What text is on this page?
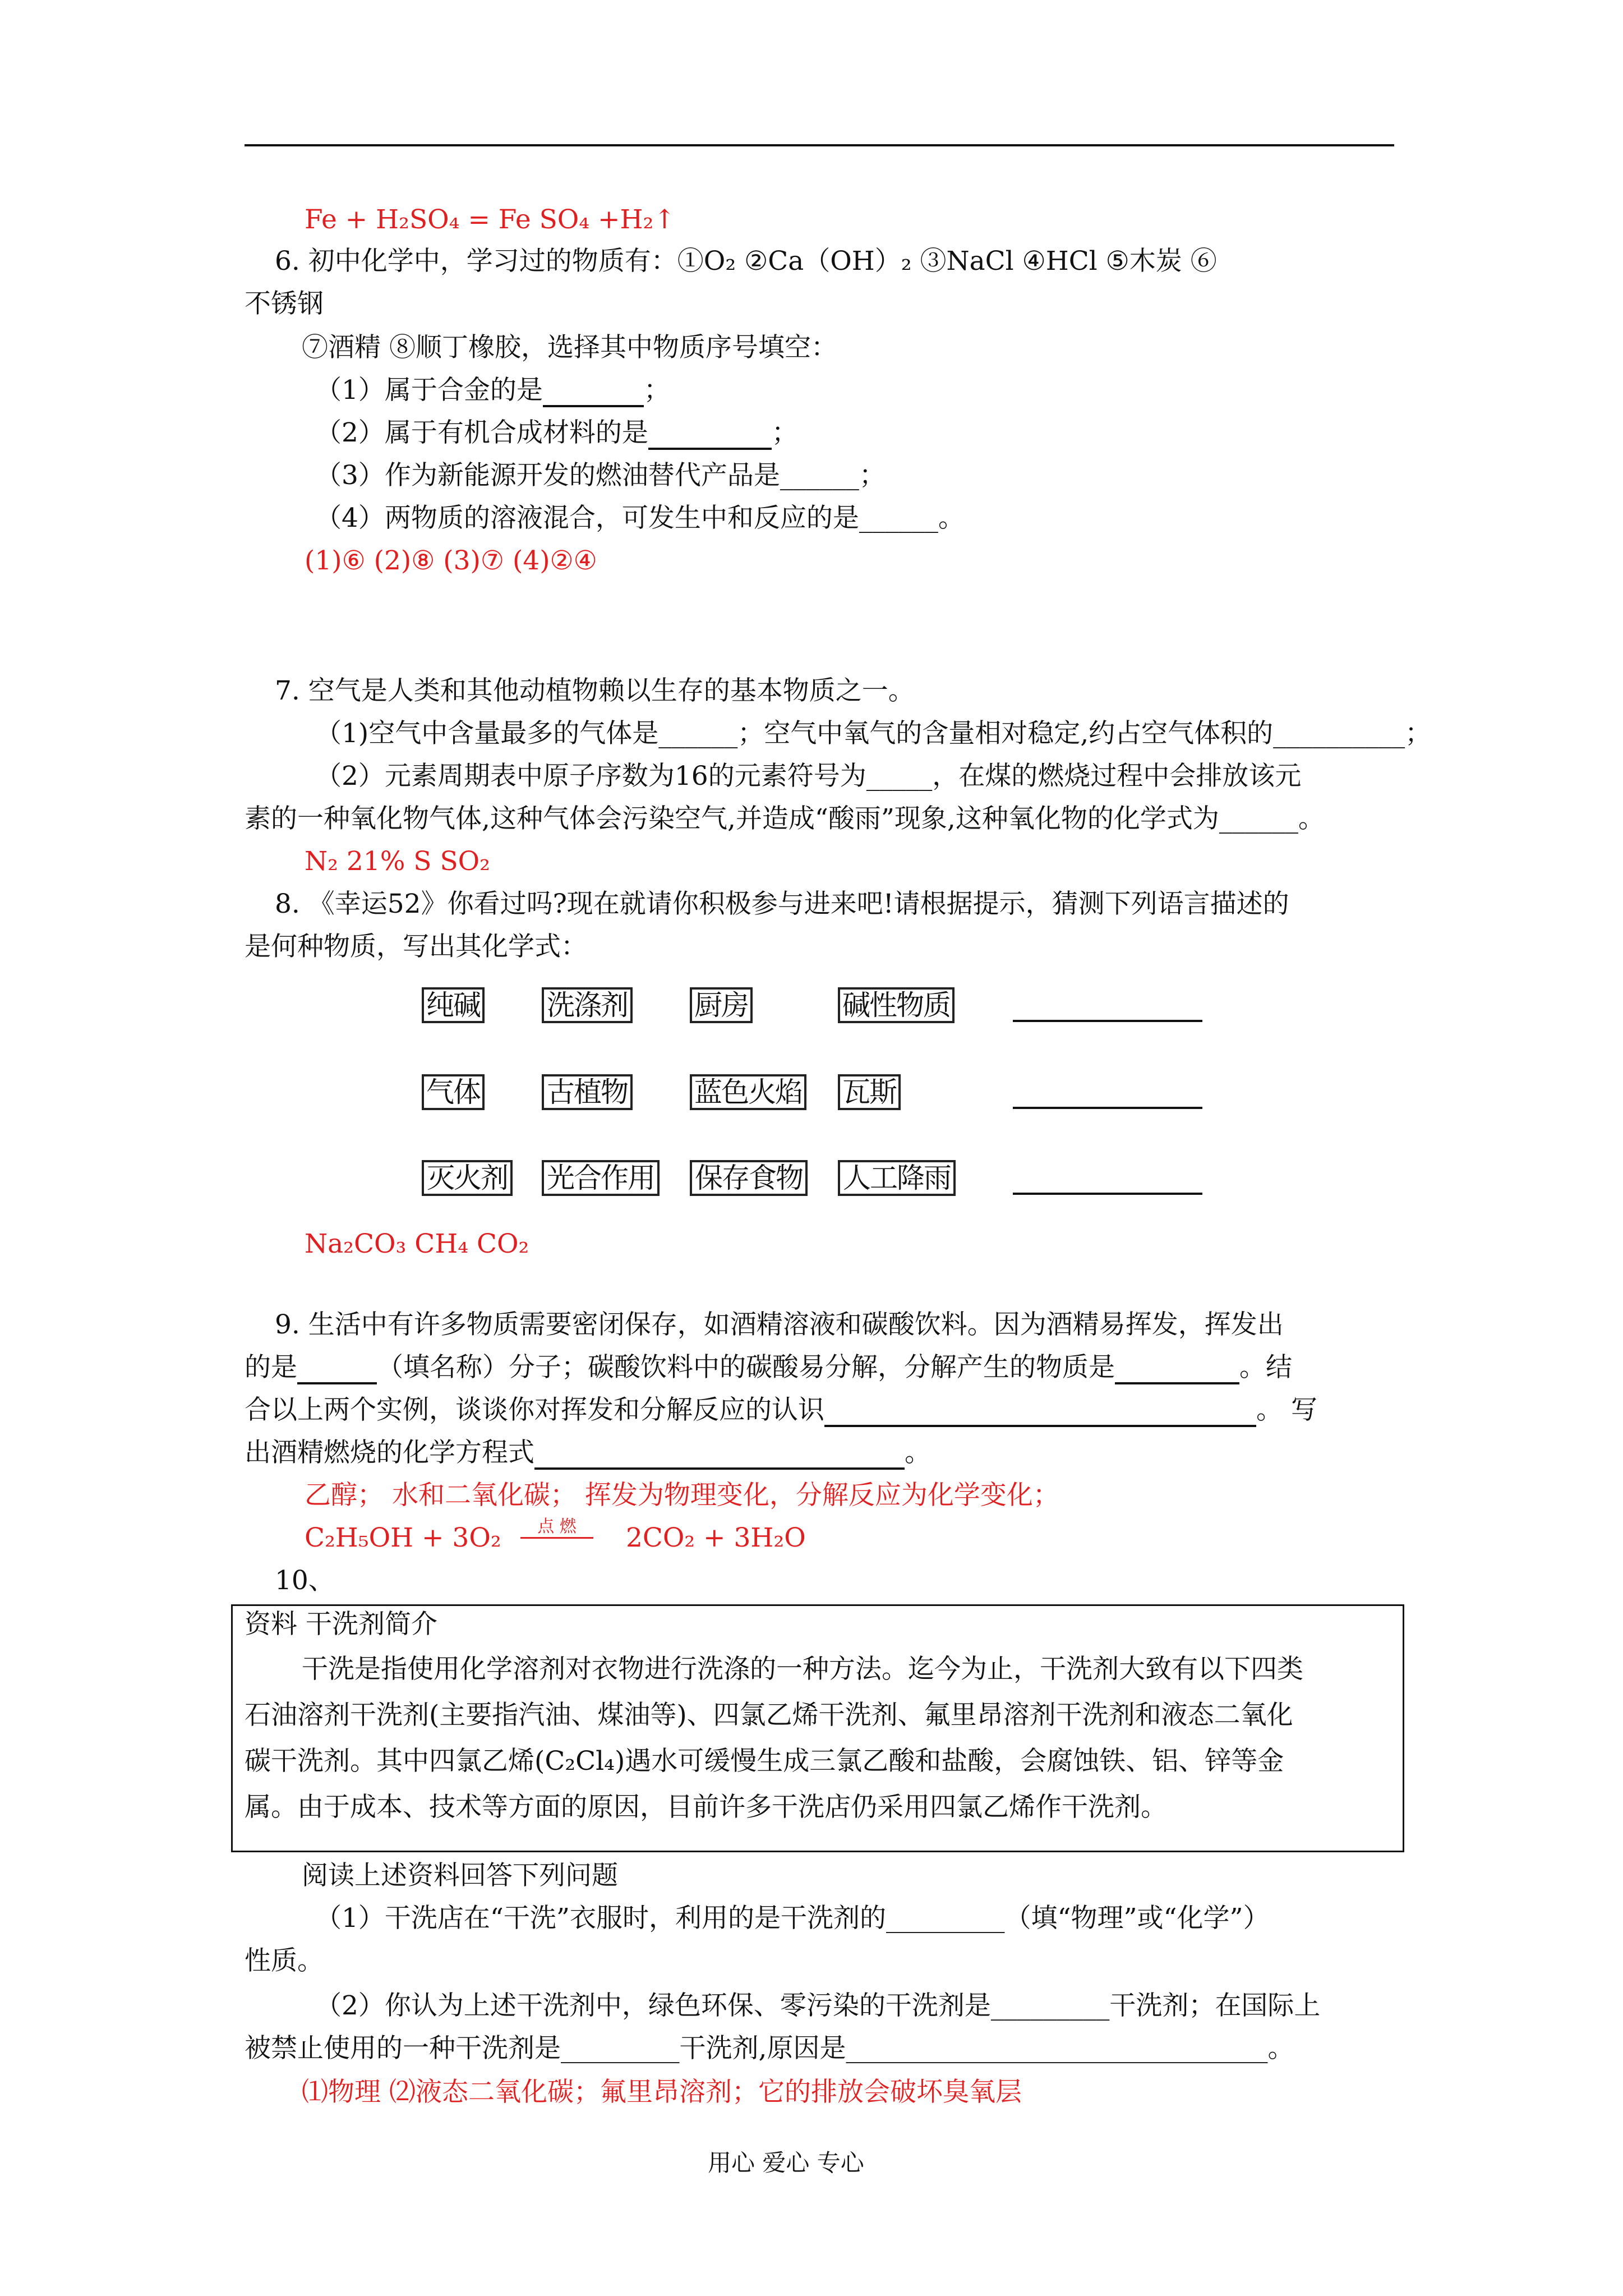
Fe + H₂SO₄ = Fe SO₄ +H₂↑
6. 初中化学中，学习过的物质有：①O₂ ②Ca（OH）₂ ③NaCl ④HCl ⑤木炭 ⑥
不锈钢
⑦酒精 ⑧顺丁橡胶，选择其中物质序号填空：
（1）属于合金的是	；
（2）属于有机合成材料的是	；
（3）作为新能源开发的燃油替代产品是______；
（4）两物质的溶液混合，可发生中和反应的是______。
(1)⑥ (2)⑧ (3)⑦ (4)②④
7. 空气是人类和其他动植物赖以生存的基本物质之一。
（1)空气中含量最多的气体是______；空气中氧气的含量相对稳定,约占空气体积的__________；
（2）元素周期表中原子序数为16的元素符号为_____，在煤的燃烧过程中会排放该元
素的一种氧化物气体,这种气体会污染空气,并造成“酸雨”现象,这种氧化物的化学式为______。
N₂ 21% S SO₂
8. 《幸运52》你看过吗?现在就请你积极参与进来吧!请根据提示，猜测下列语言描述的
是何种物质，写出其化学式：
纯碱 洗涤剂 厨房	碱性物质
气体 古植物 蓝色火焰 瓦斯
灭火剂 光合作用 保存食物 人工降雨
Na₂CO₃ CH₄ CO₂
9. 生活中有许多物质需要密闭保存，如酒精溶液和碳酸饮料。因为酒精易挥发，挥发出
的是	（填名称）分子；碳酸饮料中的碳酸易分解，分解产生的物质是	。结
合以上两个实例，谈谈你对挥发和分解反应的认识	。 写
出酒精燃烧的化学方程式	。
乙醇； 水和二氧化碳； 挥发为物理变化，分解反应为化学变化；
C₂H₅OH + 3O₂	点 燃	2CO₂ + 3H₂O
10、
资料 干洗剂简介
干洗是指使用化学溶剂对衣物进行洗涤的一种方法。迄今为止，干洗剂大致有以下四类
石油溶剂干洗剂(主要指汽油、煤油等)、四氯乙烯干洗剂、氟里昂溶剂干洗剂和液态二氧化
碳干洗剂。其中四氯乙烯(C₂Cl₄)遇水可缓慢生成三氯乙酸和盐酸，会腐蚀铁、铝、锌等金
属。由于成本、技术等方面的原因，目前许多干洗店仍采用四氯乙烯作干洗剂。
阅读上述资料回答下列问题
（1）干洗店在“干洗”衣服时，利用的是干洗剂的_________（填“物理”或“化学”）
性质。
（2）你认为上述干洗剂中，绿色环保、零污染的干洗剂是_________干洗剂；在国际上
被禁止使用的一种干洗剂是_________干洗剂,原因是________________________________。
⑴物理 ⑵液态二氧化碳；氟里昂溶剂；它的排放会破坏臭氧层
用心 爱心 专心
